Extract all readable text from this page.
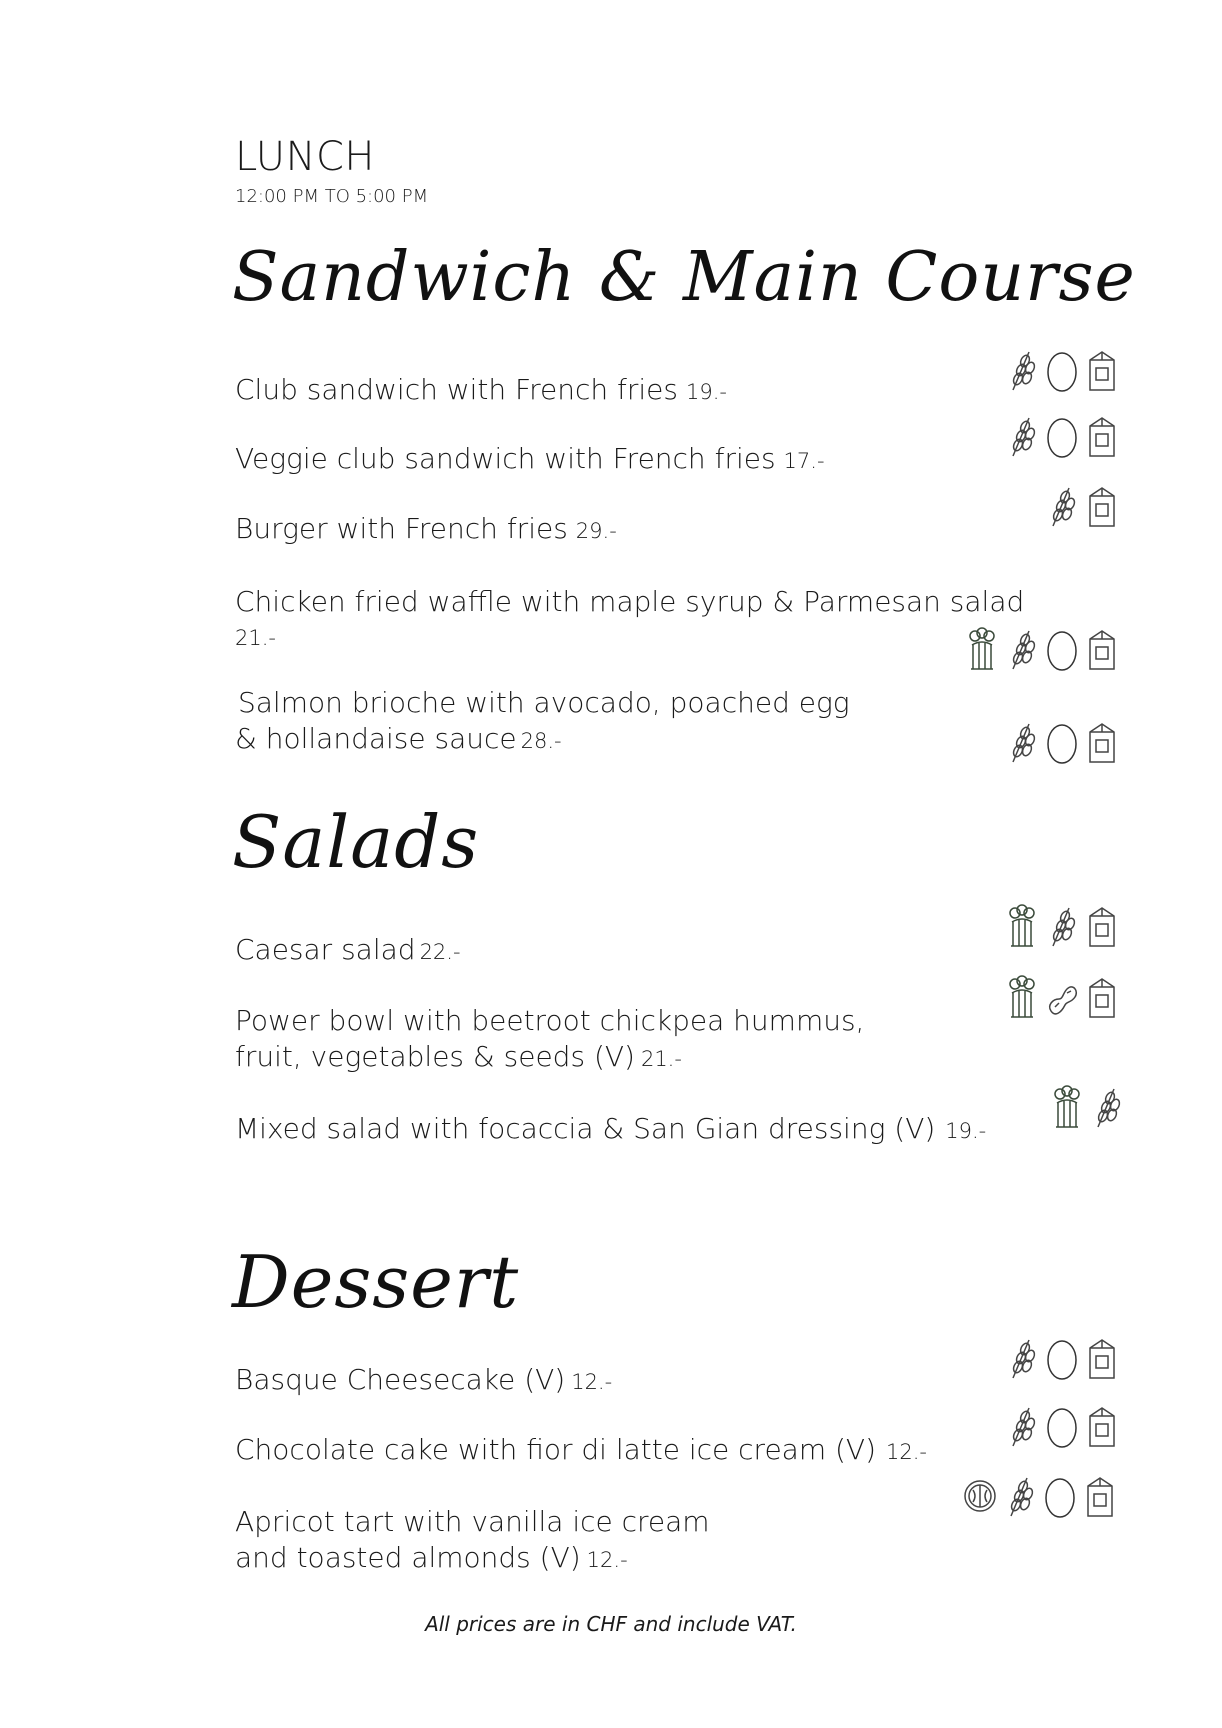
LUNCH
12:00 PM TO 5:00 PM
Sandwich & Main Course
Club sandwich with French fries 19.-
Veggie club sandwich with French fries 17.-
Burger with French fries 29.-
Chicken fried waffle with maple syrup & Parmesan salad
21.-
Salmon brioche with avocado, poached egg
& hollandaise sauce 28.-
Salads
Caesar salad 22.-
Power bowl with beetroot chickpea hummus,
fruit, vegetables & seeds (V) 21.-
Mixed salad with focaccia & San Gian dressing (V) 19.-
Dessert
Basque Cheesecake (V) 12.-
Chocolate cake with fior di latte ice cream (V) 12.-
Apricot tart with vanilla ice cream
and toasted almonds (V) 12.-
All prices are in CHF and include VAT.
